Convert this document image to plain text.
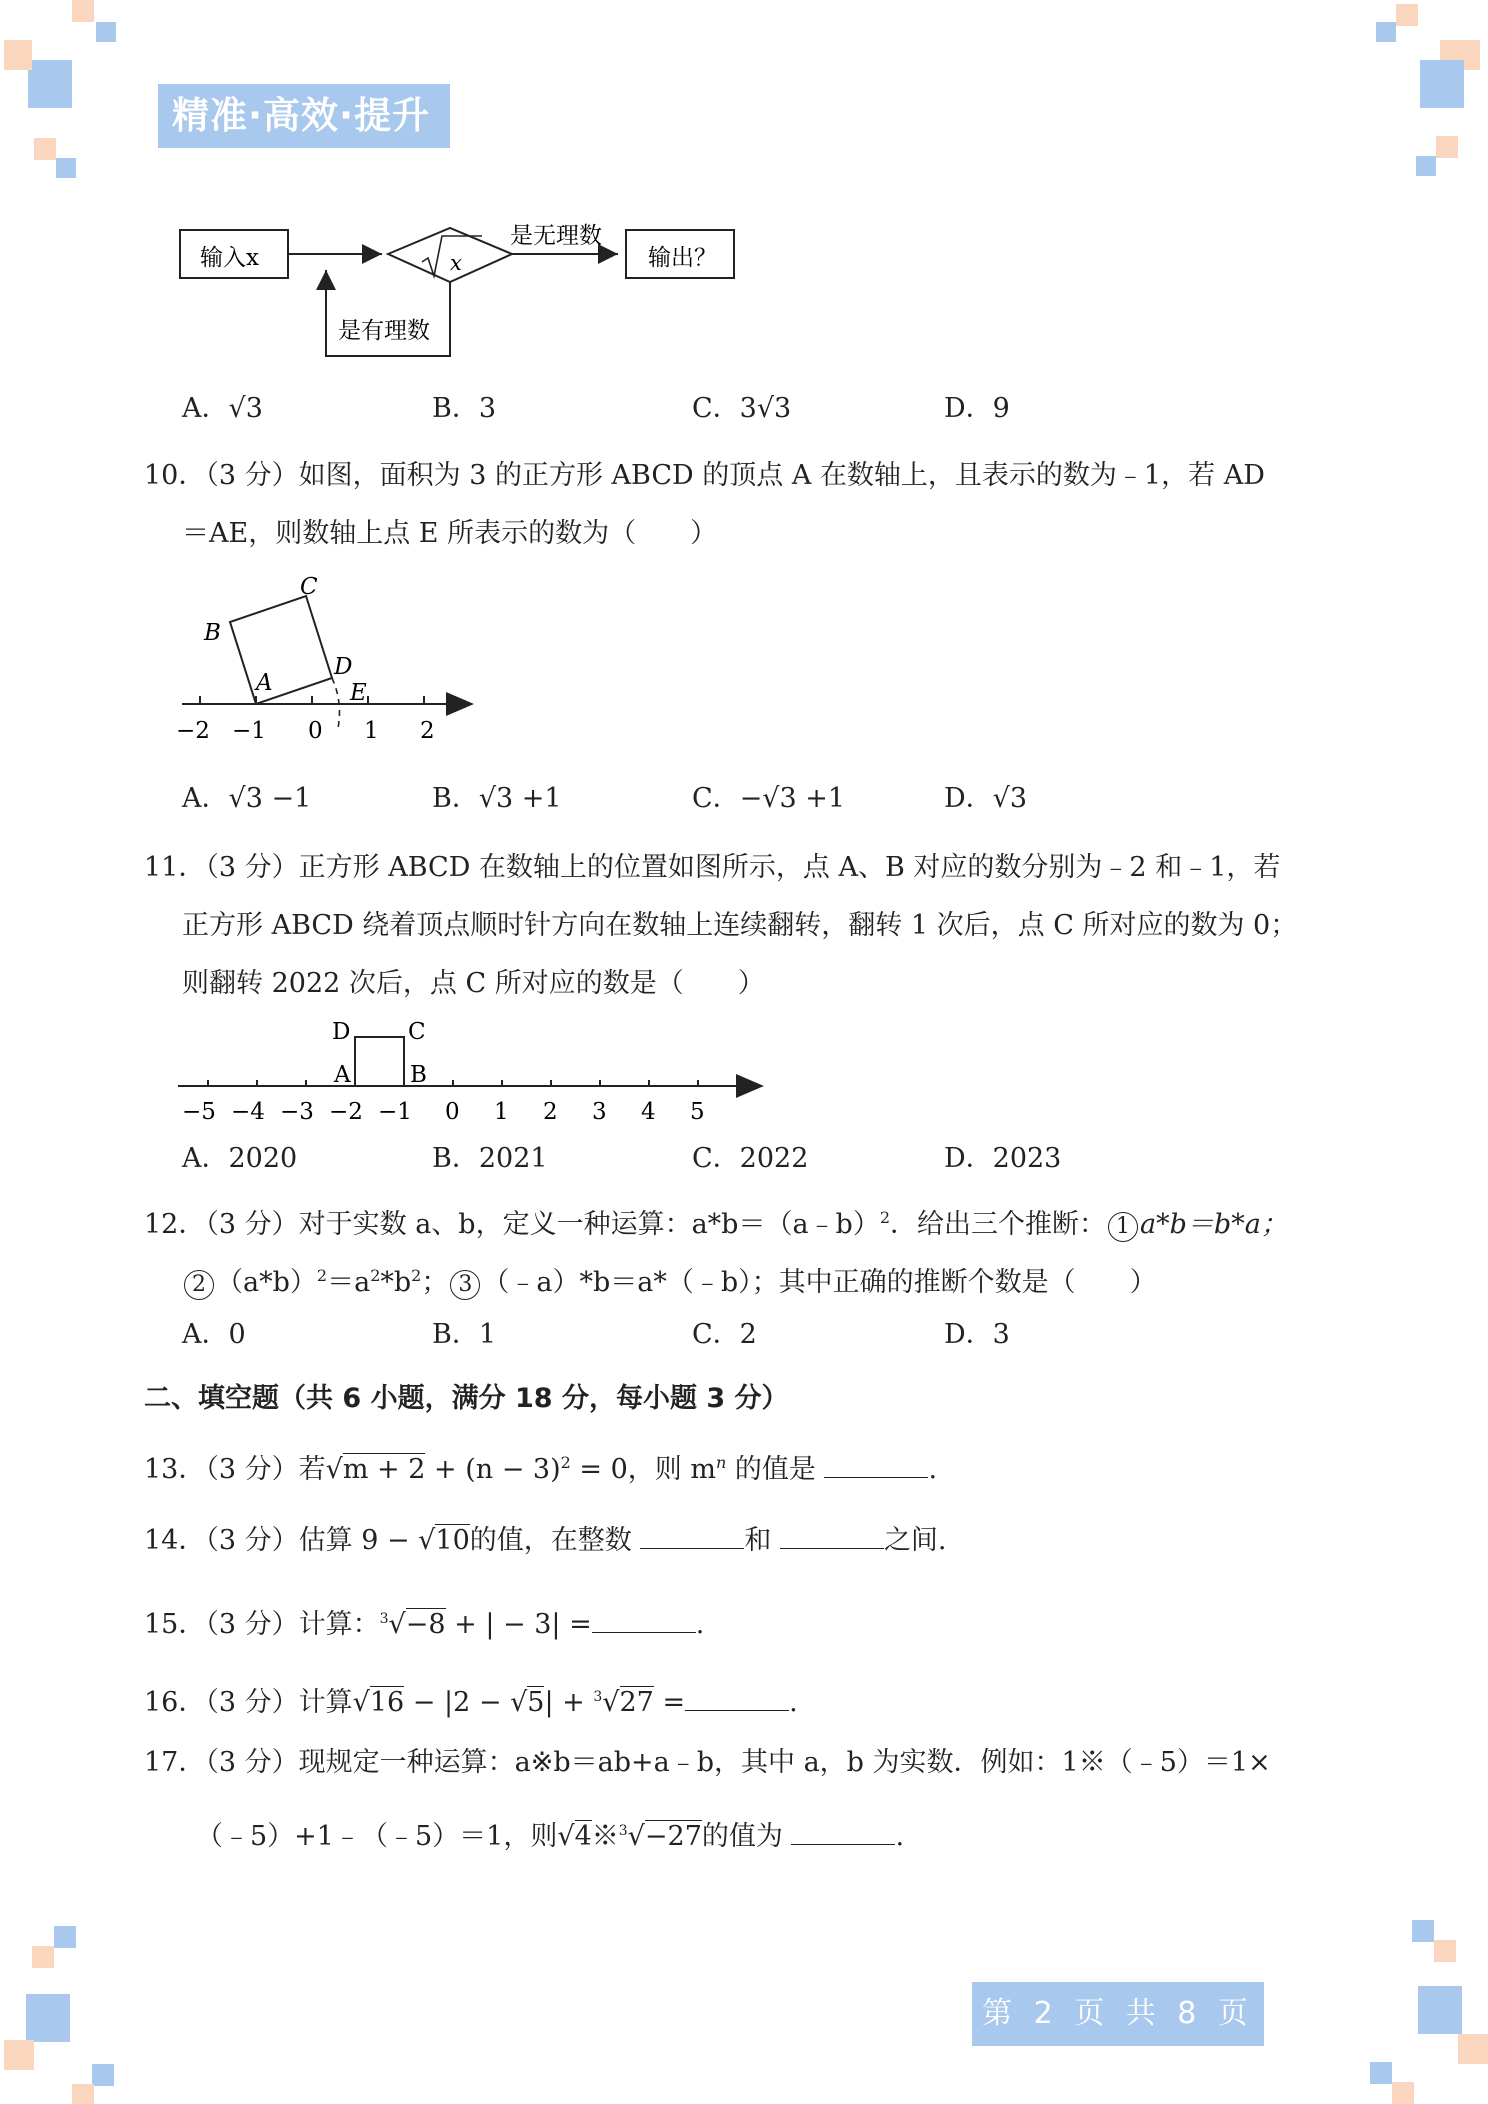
精准·高效·提升
输入x	x
是无理数
输出？
是有理数
A．√3	B．3	C．3√3	D．9
10．（3 分）如图，面积为 3 的正方形 ABCD 的顶点 A 在数轴上，且表示的数为﹣1，若 AD
＝AE，则数轴上点 E 所表示的数为（　　）
B
C
A
D
E
−2 −1 0 1 2
A．√3 −1	B．√3 +1	C．−√3 +1	D．√3
11．（3 分）正方形 ABCD 在数轴上的位置如图所示，点 A、B 对应的数分别为﹣2 和﹣1，若
正方形 ABCD 绕着顶点顺时针方向在数轴上连续翻转，翻转 1 次后，点 C 所对应的数为 0；
则翻转 2022 次后，点 C 所对应的数是（　　）
D	C
A	B
−5 −4 −3 −2 −1 0 1 2 3 4 5
A．2020	B．2021	C．2022	D．2023
12．（3 分）对于实数 a、b，定义一种运算：a*b＝（a﹣b）$^2$．给出三个推断： 1 a*b＝b*a；
2 $(a*b)^2=a^2*b^2$； 3 （﹣a）*b＝a*（﹣b）；其中正确的推断个数是（　　）
A．0	B．1	C．2	D．3
二、填空题（共 6 小题，满分 18 分，每小题 3 分）
13．（3 分）若$√m + 2 + (n - 3)^2 = 0$，则 $m^n$ 的值是	.
14．（3 分）估算 9 − √10的值，在整数	和	之间.
15．（3 分）计算：$^3$√−8 + | − 3| =	.
16．（3 分）计算√16 − |2 − √5| + $^3$√27 =	.
17．（3 分）现规定一种运算：a※b＝ab+a﹣b，其中 a，b 为实数．例如：1※（﹣5）＝1×
（﹣5）+1﹣（﹣5）＝1，则√4※$^3$√−27的值为	.
第 2 页 共 8 页
